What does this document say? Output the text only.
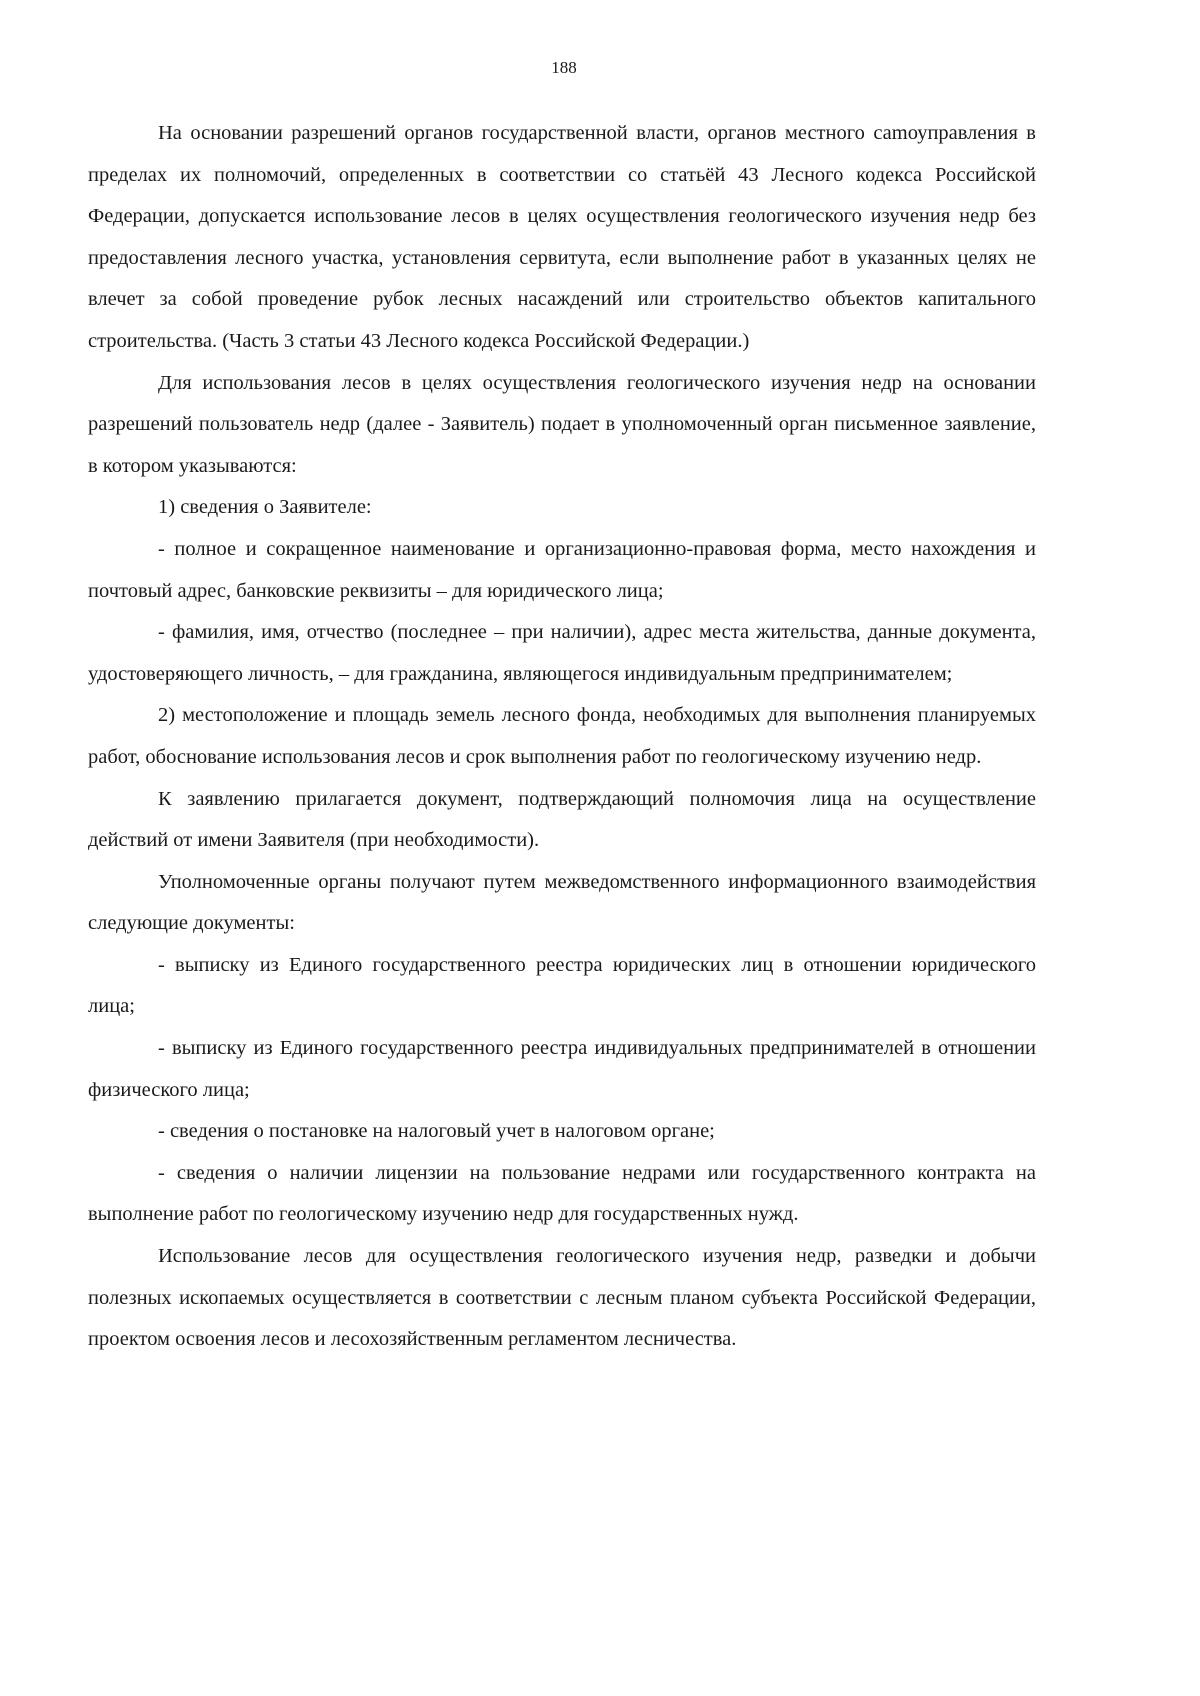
188

На основании разрешений органов государственной власти, органов местного саmоуправления в пределах их полномочий, определенных в соответствии со статьёй 43 Лесного кодекса Российской Федерации, допускается использование лесов в целях осуществления геологического изучения недр без предоставления лесного участка, установления сервитута, если выполнение работ в указанных целях не влечет за собой проведение рубок лесных насаждений или строительство объектов капитального строительства. (Часть 3 статьи 43 Лесного кодекса Российской Федерации.)

Для использования лесов в целях осуществления геологического изучения недр на основании разрешений пользователь недр (далее - Заявитель) подает в уполномоченный орган письменное заявление, в котором указываются:

1) сведения о Заявителе:

- полное и сокращенное наименование и организационно-правовая форма, место нахождения и почтовый адрес, банковские реквизиты – для юридического лица;

- фамилия, имя, отчество (последнее – при наличии), адрес места жительства, данные документа, удостоверяющего личность, – для гражданина, являющегося индивидуальным предпринимателем;

2) местоположение и площадь земель лесного фонда, необходимых для выполнения планируемых работ, обоснование использования лесов и срок выполнения работ по геологическому изучению недр.

К заявлению прилагается документ, подтверждающий полномочия лица на осуществление действий от имени Заявителя (при необходимости).

Уполномоченные органы получают путем межведомственного информационного взаимодействия следующие документы:

- выписку из Единого государственного реестра юридических лиц в отношении юридического лица;

- выписку из Единого государственного реестра индивидуальных предпринимателей в отношении физического лица;

- сведения о постановке на налоговый учет в налоговом органе;

- сведения о наличии лицензии на пользование недрами или государственного контракта на выполнение работ по геологическому изучению недр для государственных нужд.

Использование лесов для осуществления геологического изучения недр, разведки и добычи полезных ископаемых осуществляется в соответствии с лесным планом субъекта Российской Федерации, проектом освоения лесов и лесохозяйственным регламентом лесничества.
